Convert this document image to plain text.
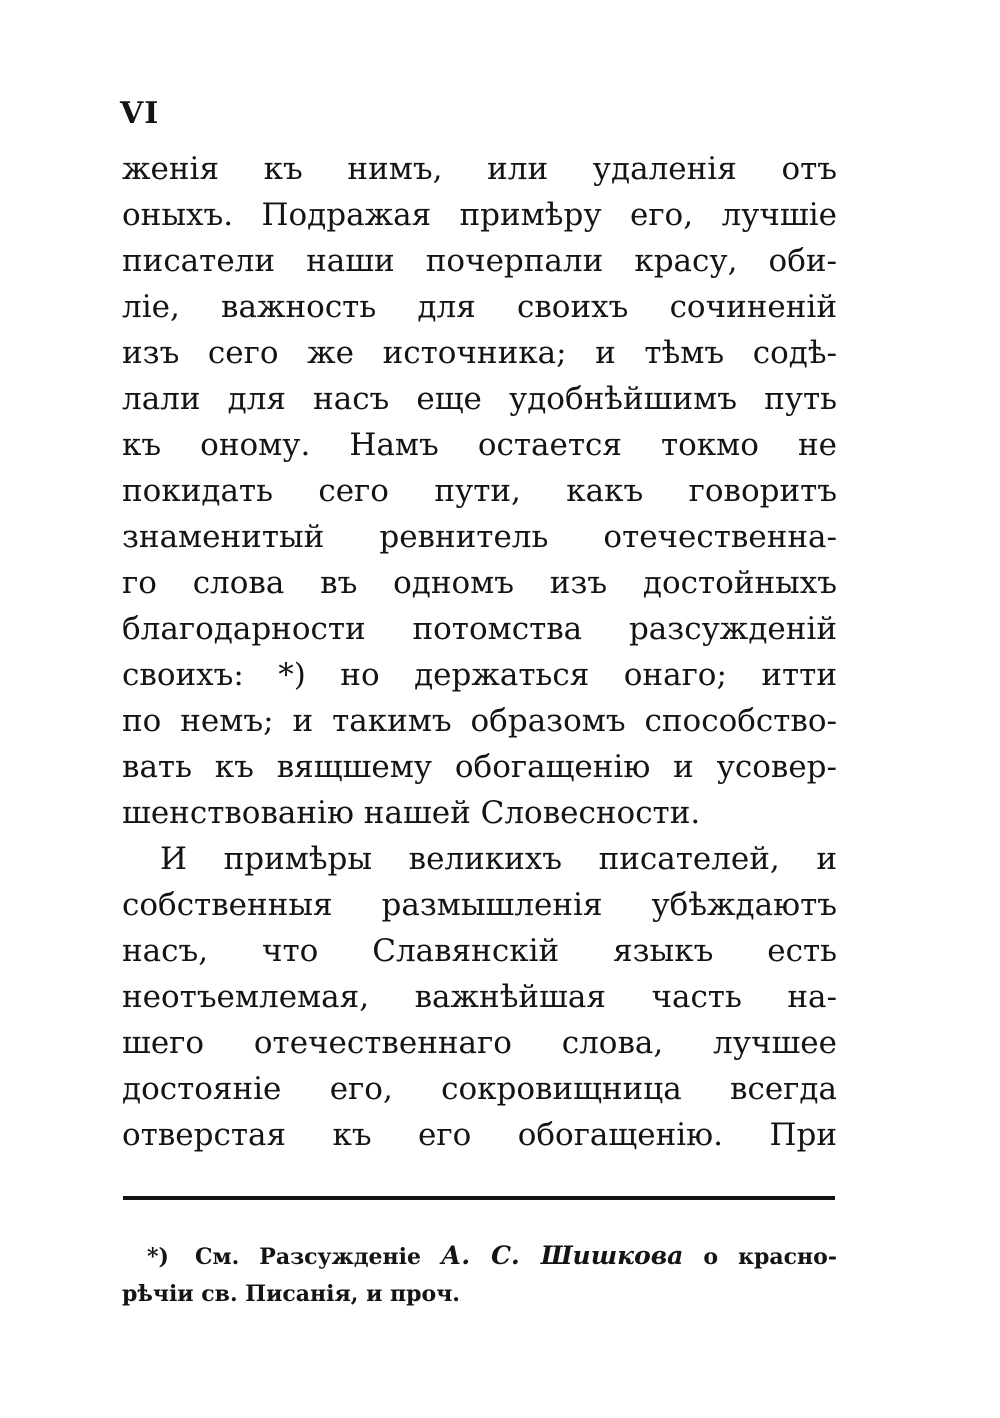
VI
женія къ нимъ, или удаленія отъ
оныхъ. Подражая примѣру его, лучшіе
писатели наши почерпали красу, оби-
ліе, важность для своихъ сочиненій
изъ сего же источника; и тѣмъ содѣ-
лали для насъ еще удобнѣйшимъ путь
къ оному. Намъ остается токмо не
покидать сего пути, какъ говоритъ
знаменитый ревнитель отечественна-
го слова въ одномъ изъ достойныхъ
благодарности потомства разсужденій
своихъ: *) но держаться онаго; итти
по немъ; и такимъ образомъ способство-
вать къ вящшему обогащенію и усовер-
шенствованію нашей Словесности.
И примѣры великихъ писателей, и
собственныя размышленія убѣждаютъ
насъ, что Славянскій языкъ есть
неотъемлемая, важнѣйшая часть на-
шего отечественнаго слова, лучшее
достояніе его, сокровищница всегда
отверстая къ его обогащенію. При
*) См. Разсужденіе А. С. Шишкова о красно-
рѣчіи св. Писанія, и проч.
